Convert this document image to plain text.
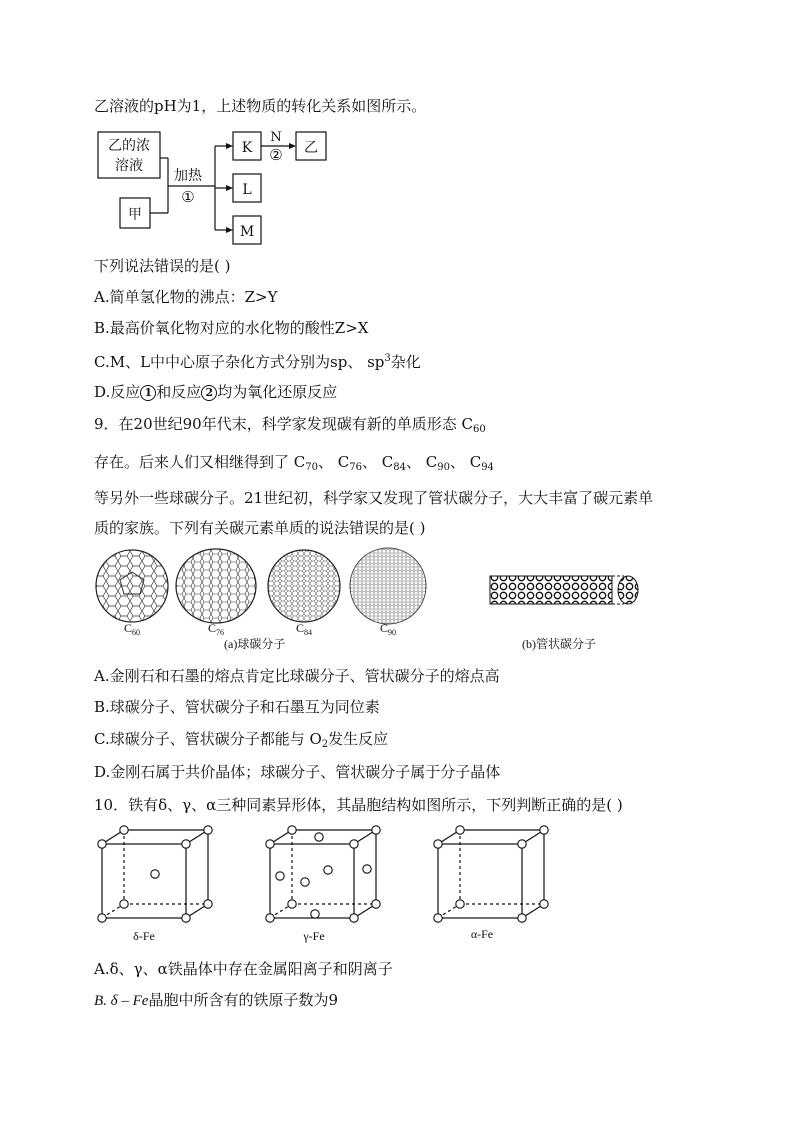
乙溶液的pH为1，上述物质的转化关系如图所示。
乙的浓
溶液
甲
加热
①
K
L
M
N
② 乙
下列说法错误的是( )
A.简单氢化物的沸点：Z>Y
B.最高价氧化物对应的水化物的酸性Z>X
C.M、L中中心原子杂化方式分别为sp、 $sp^3$杂化
D.反应 1 和反应 2 均为氧化还原反应
9．在20世纪90年代末，科学家发现碳有新的单质形态 $C_{60}$
存在。后来人们又相继得到了 $C_{70}$、 $C_{76}$、 $C_{84}$、 $C_{90}$、 $C_{94}$
等另外一些球碳分子。21世纪初，科学家又发现了管状碳分子，大大丰富了碳元素单
质的家族。下列有关碳元素单质的说法错误的是( )
$C_{60}$	$C_{76}$	$C_{84}$	$C_{90}$
(a)球碳分子	(b)管状碳分子
A.金刚石和石墨的熔点肯定比球碳分子、管状碳分子的熔点高
B.球碳分子、管状碳分子和石墨互为同位素
C.球碳分子、管状碳分子都能与 $O_2$发生反应
D.金刚石属于共价晶体；球碳分子、管状碳分子属于分子晶体
10．铁有δ、γ、α三种同素异形体，其晶胞结构如图所示，下列判断正确的是( )
δ-Fe	γ-Fe	α-Fe
A.δ、γ、α铁晶体中存在金属阳离子和阴离子
B. δ – Fe晶胞中所含有的铁原子数为9
